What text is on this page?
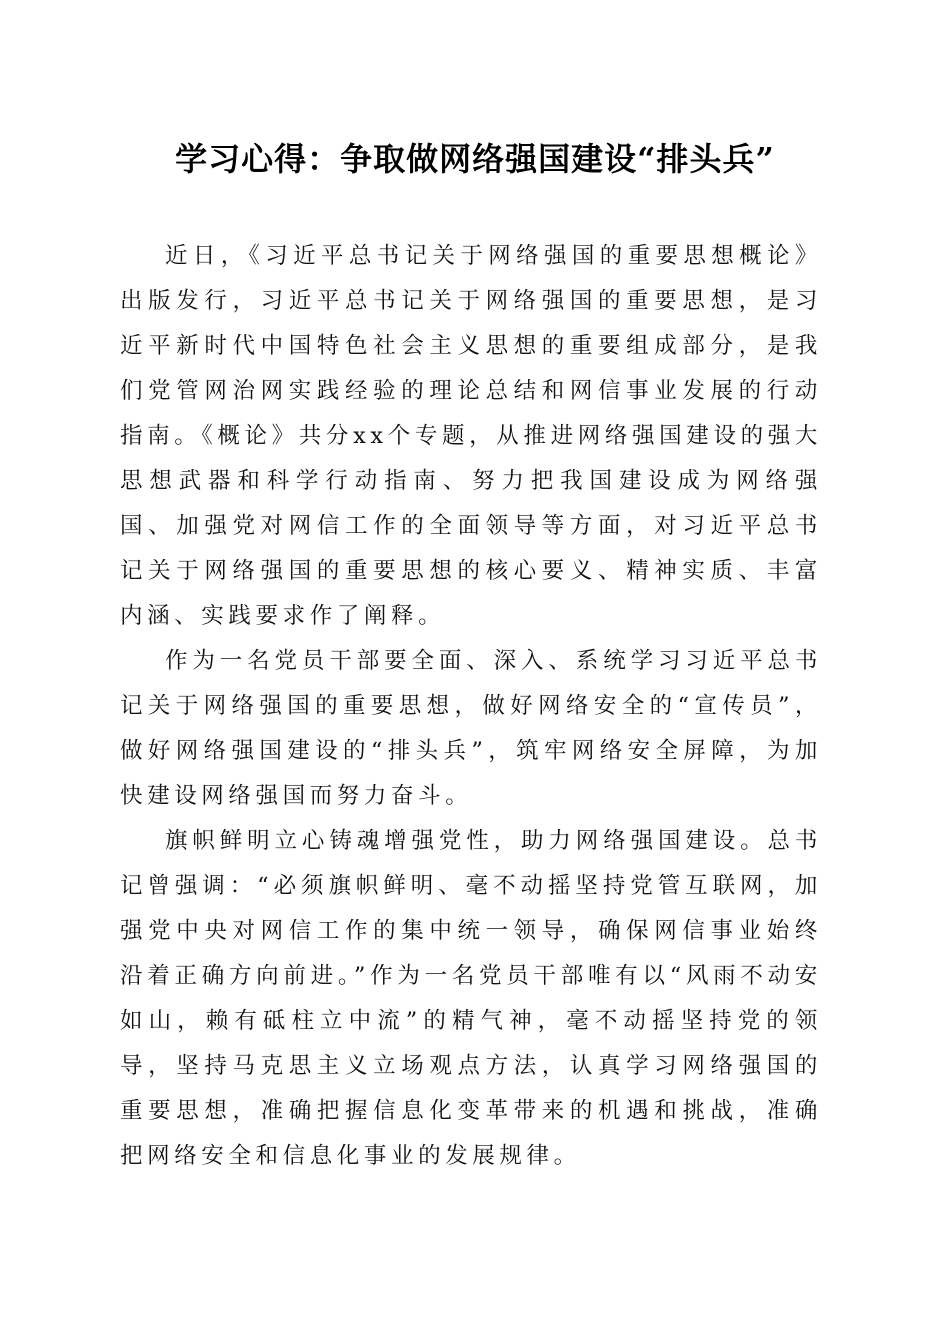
学习心得：争取做网络强国建设“排头兵”

近日，《习近平总书记关于网络强国的重要思想概论》出版发行，习近平总书记关于网络强国的重要思想，是习近平新时代中国特色社会主义思想的重要组成部分，是我们党管网治网实践经验的理论总结和网信事业发展的行动指南。《概论》共分xx个专题，从推进网络强国建设的强大思想武器和科学行动指南、努力把我国建设成为网络强国、加强党对网信工作的全面领导等方面，对习近平总书记关于网络强国的重要思想的核心要义、精神实质、丰富内涵、实践要求作了阐释。

作为一名党员干部要全面、深入、系统学习习近平总书记关于网络强国的重要思想，做好网络安全的“宣传员”，做好网络强国建设的“排头兵”，筑牢网络安全屏障，为加快建设网络强国而努力奋斗。

旗帜鲜明立心铸魂增强党性，助力网络强国建设。总书记曾强调：“必须旗帜鲜明、毫不动摇坚持党管互联网，加强党中央对网信工作的集中统一领导，确保网信事业始终沿着正确方向前进。”作为一名党员干部唯有以“风雨不动安如山，赖有砥柱立中流”的精气神，毫不动摇坚持党的领导，坚持马克思主义立场观点方法，认真学习网络强国的重要思想，准确把握信息化变革带来的机遇和挑战，准确把网络安全和信息化事业的发展规律。
